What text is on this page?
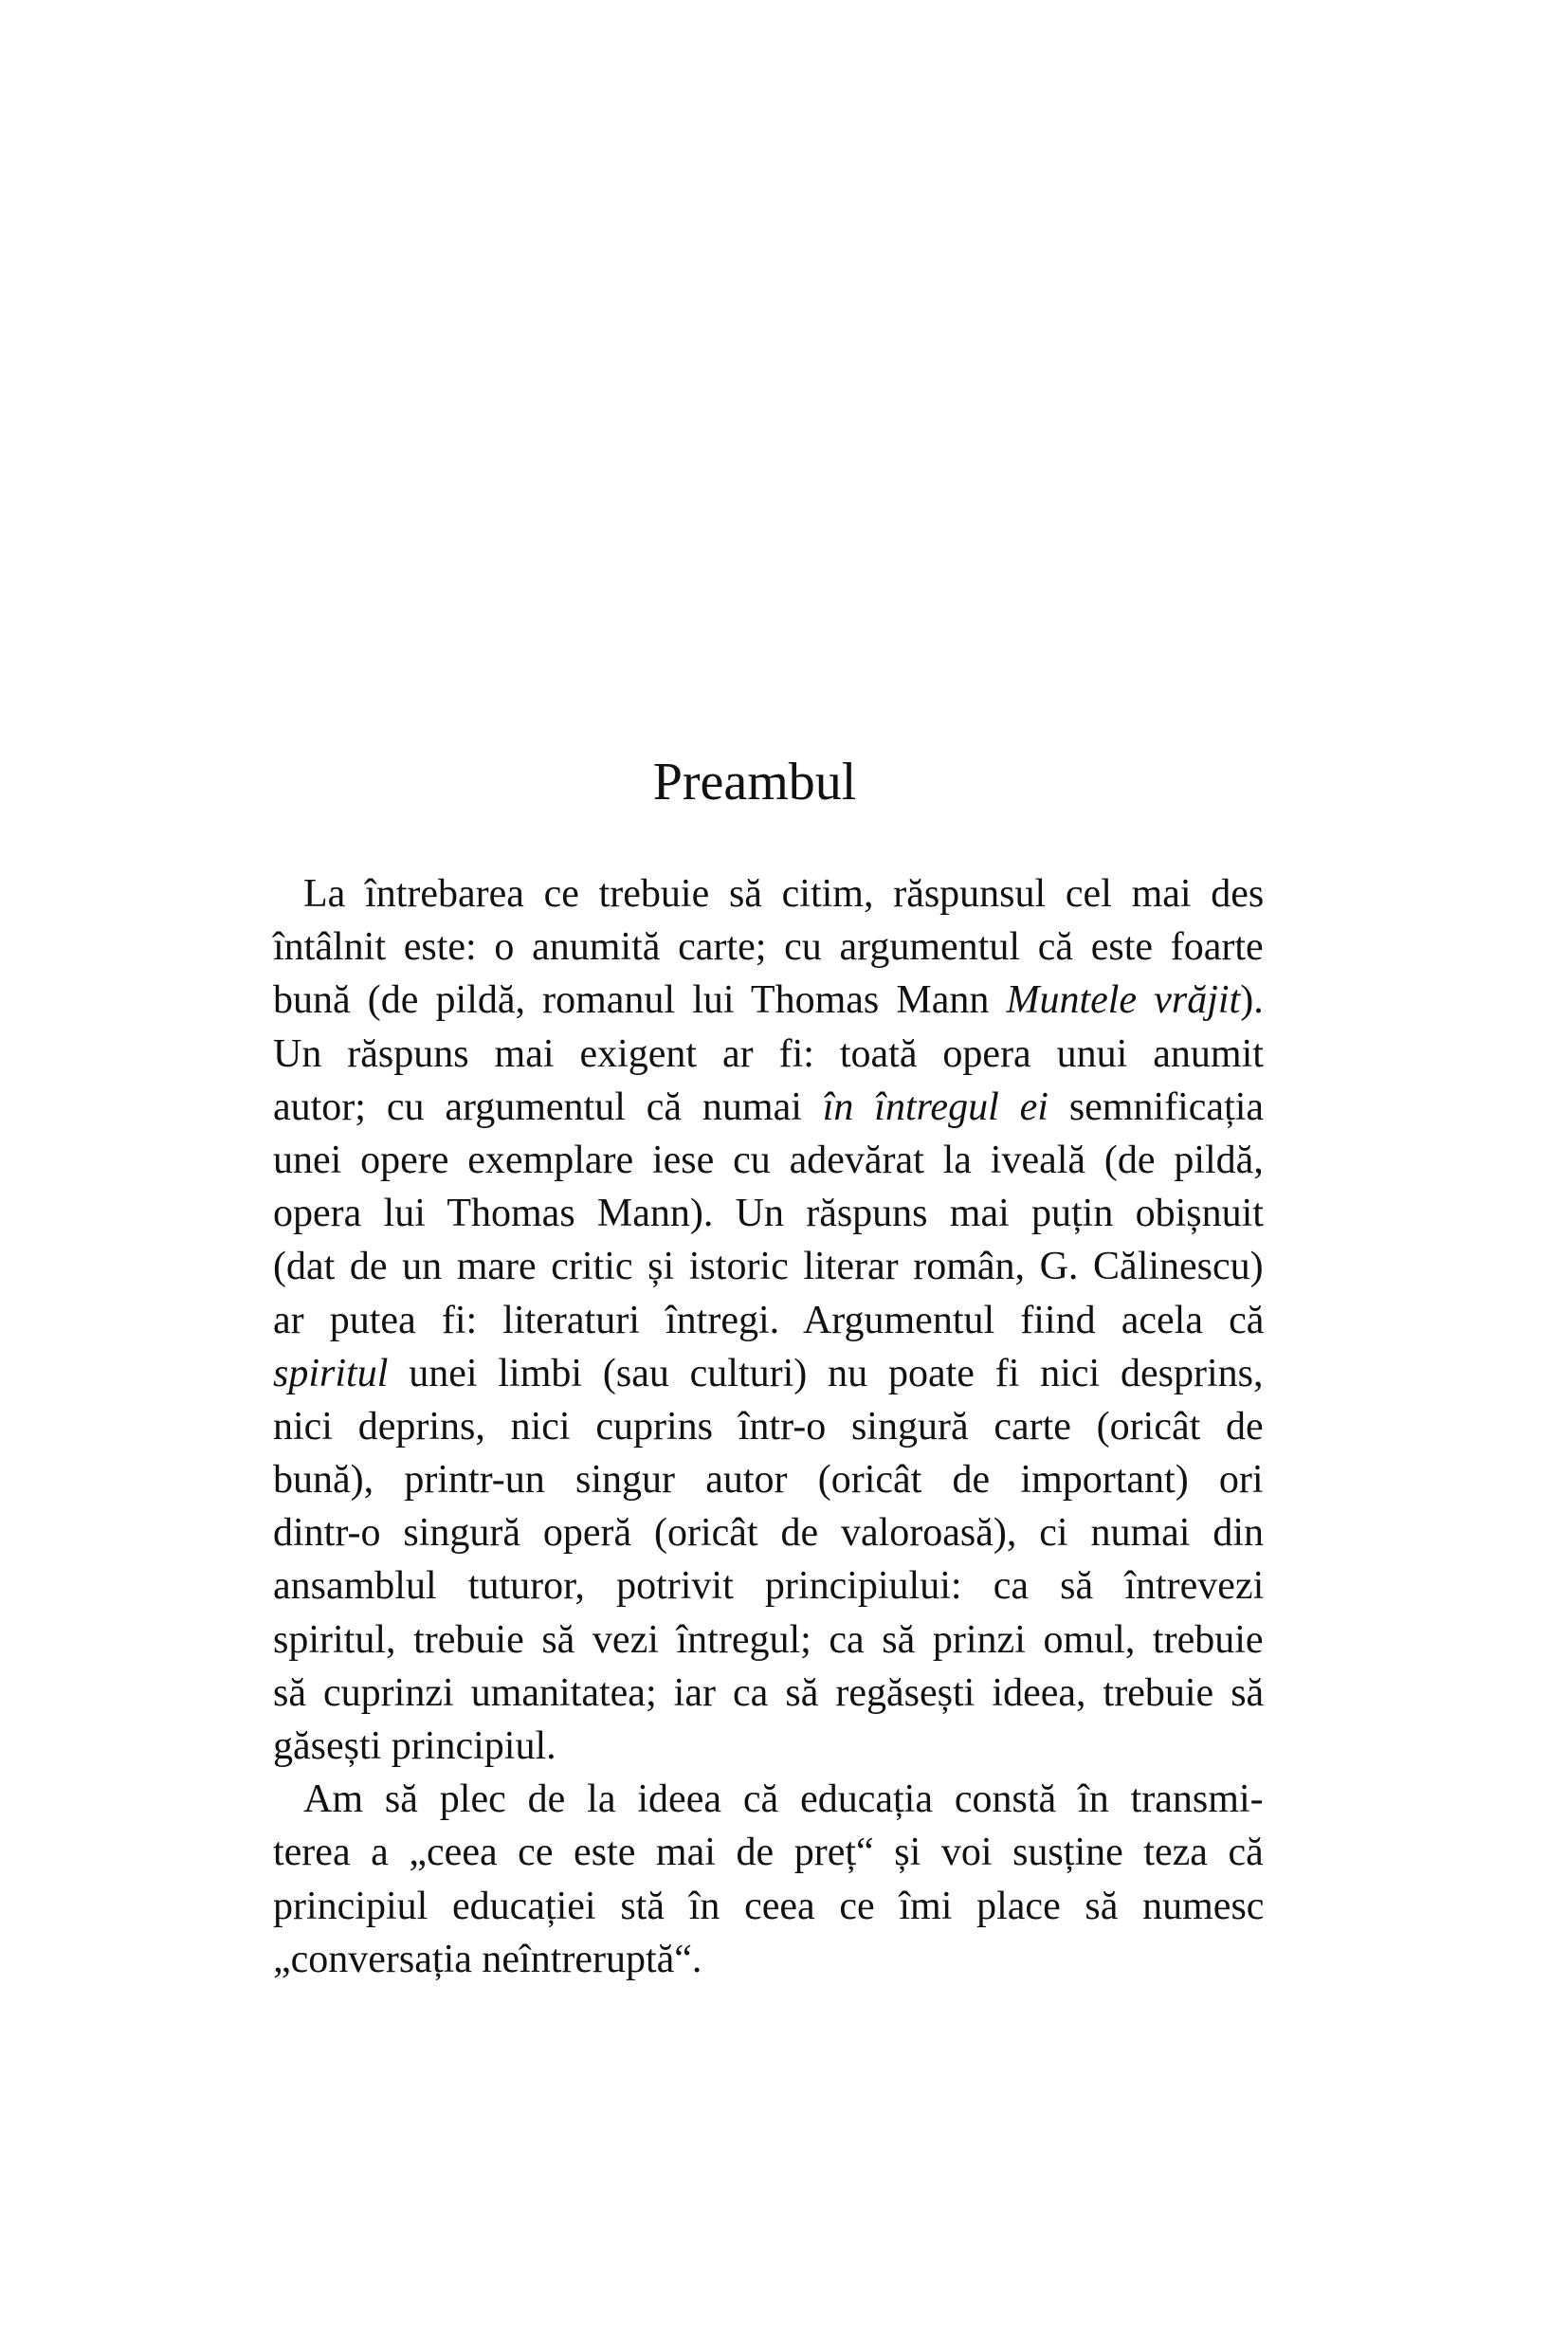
Preambul
La întrebarea ce trebuie să citim, răspunsul cel mai des
întâlnit este: o anumită carte; cu argumentul că este foarte
bună (de pildă, romanul lui Thomas Mann Muntele vrăjit).
Un răspuns mai exigent ar fi: toată opera unui anumit
autor; cu argumentul că numai în întregul ei semnificația
unei opere exemplare iese cu adevărat la iveală (de pildă,
opera lui Thomas Mann). Un răspuns mai puțin obișnuit
(dat de un mare critic și istoric literar român, G. Călinescu)
ar putea fi: literaturi întregi. Argumentul fiind acela că
spiritul unei limbi (sau culturi) nu poate fi nici desprins,
nici deprins, nici cuprins într-o singură carte (oricât de
bună), printr-un singur autor (oricât de important) ori
dintr-o singură operă (oricât de valoroasă), ci numai din
ansamblul tuturor, potrivit principiului: ca să întrevezi
spiritul, trebuie să vezi întregul; ca să prinzi omul, trebuie
să cuprinzi umanitatea; iar ca să regăsești ideea, trebuie să
găsești principiul.
Am să plec de la ideea că educația constă în transmi-
terea a „ceea ce este mai de preț“ și voi susține teza că
principiul educației stă în ceea ce îmi place să numesc
„conversația neîntreruptă“.
